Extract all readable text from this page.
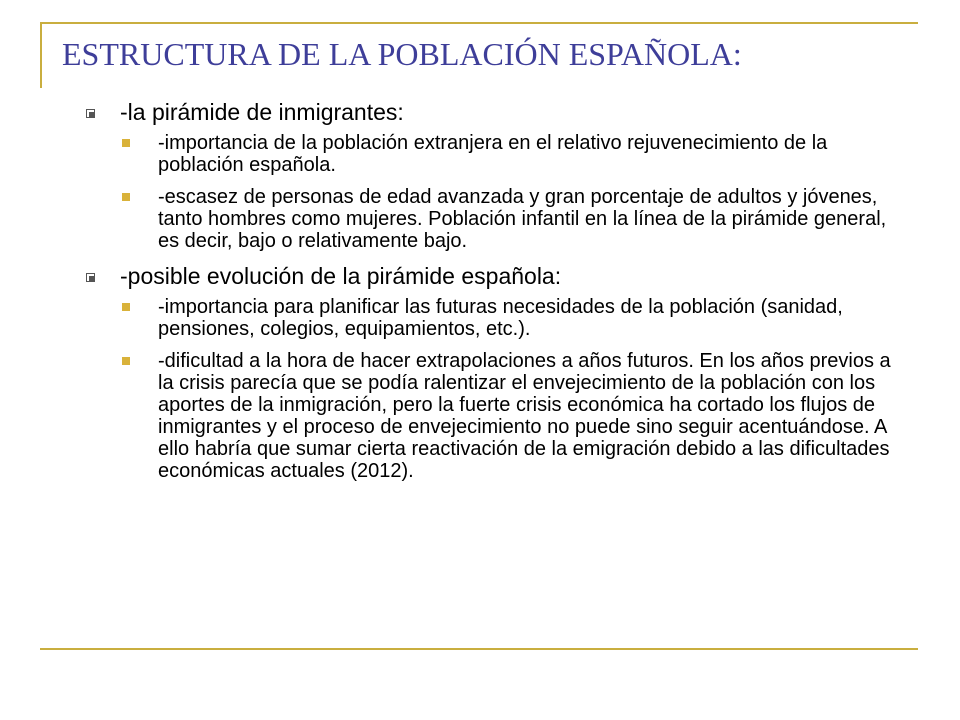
ESTRUCTURA DE LA POBLACIÓN ESPAÑOLA:
-la pirámide de inmigrantes:
-importancia de la población extranjera en el relativo rejuvenecimiento de la población española.
-escasez de personas de edad avanzada y gran porcentaje de adultos y jóvenes, tanto hombres como mujeres. Población infantil en la línea de la pirámide general, es decir, bajo o relativamente bajo.
-posible evolución de la pirámide española:
-importancia para planificar las futuras necesidades de la población (sanidad, pensiones, colegios, equipamientos, etc.).
-dificultad a la hora de hacer extrapolaciones a años futuros. En los años previos a la crisis parecía que se podía ralentizar el envejecimiento de la población con los aportes de la inmigración, pero la fuerte crisis económica ha cortado los flujos de inmigrantes y el proceso de envejecimiento no puede sino seguir acentuándose. A ello habría que sumar cierta reactivación de la emigración debido a las dificultades económicas actuales (2012).
